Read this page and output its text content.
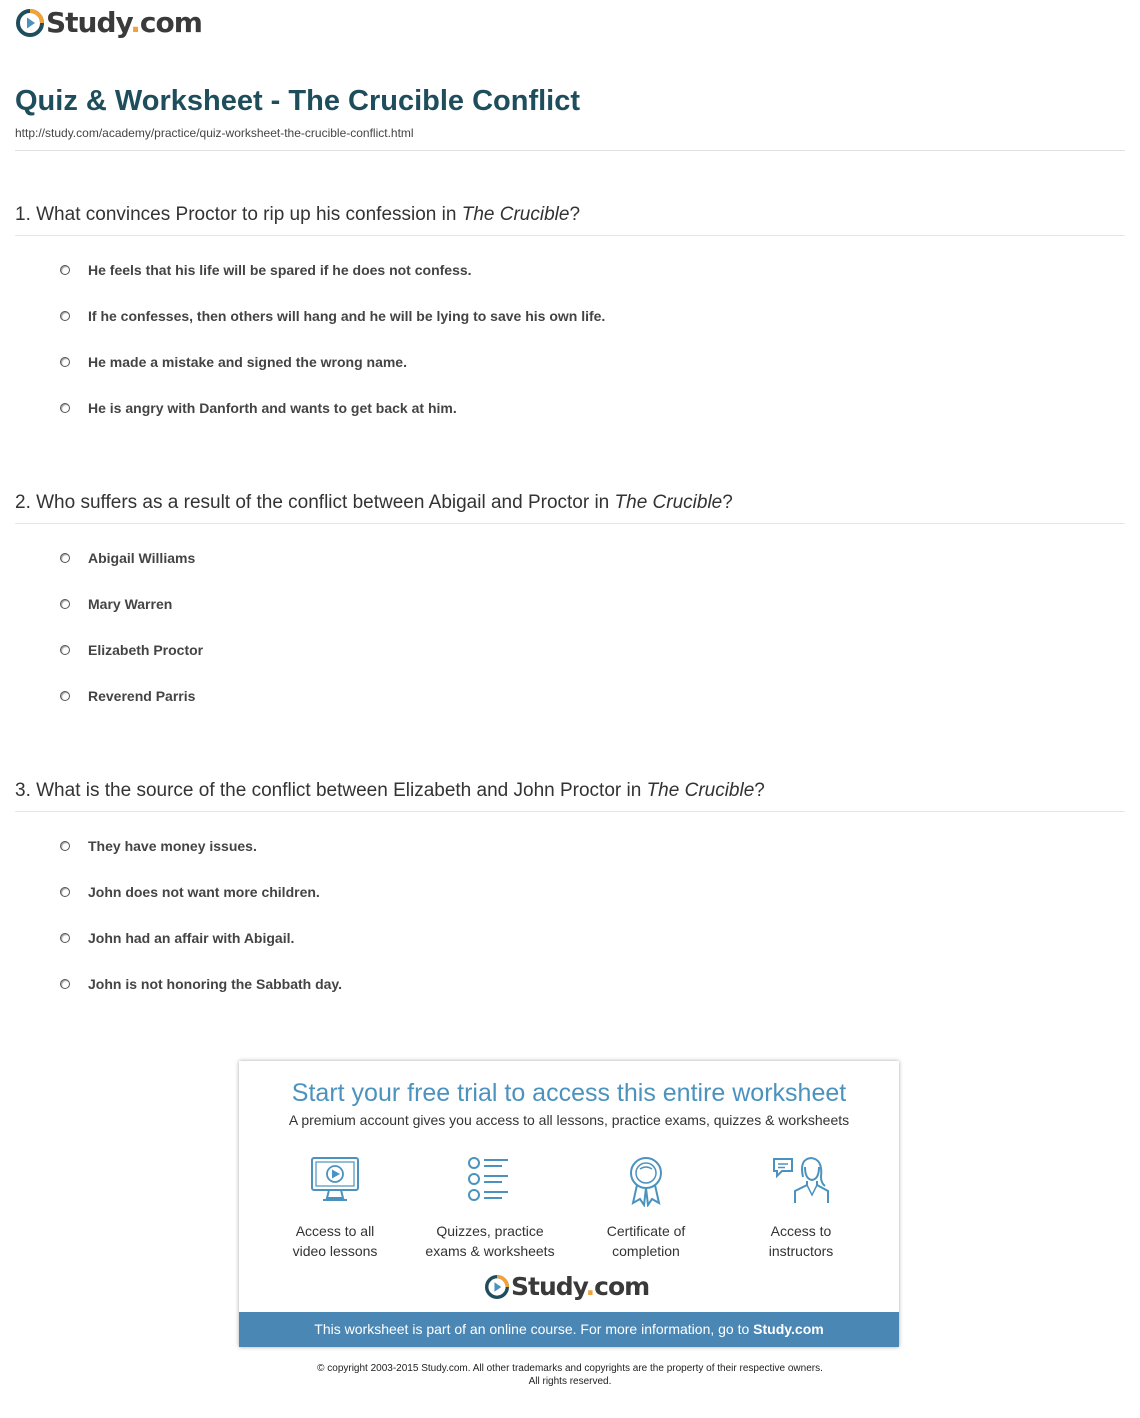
Study.com
Quiz & Worksheet - The Crucible Conflict
http://study.com/academy/practice/quiz-worksheet-the-crucible-conflict.html

1. What convinces Proctor to rip up his confession in The Crucible?

He feels that his life will be spared if he does not confess.
If he confesses, then others will hang and he will be lying to save his own life.
He made a mistake and signed the wrong name.
He is angry with Danforth and wants to get back at him.

2. Who suffers as a result of the conflict between Abigail and Proctor in The Crucible?

Abigail Williams
Mary Warren
Elizabeth Proctor
Reverend Parris

3. What is the source of the conflict between Elizabeth and John Proctor in The Crucible?

They have money issues.
John does not want more children.
John had an affair with Abigail.
John is not honoring the Sabbath day.
Start your free trial to access this entire worksheet
A premium account gives you access to all lessons, practice exams, quizzes & worksheets
Access to all
video lessons
Quizzes, practice
exams & worksheets
Certificate of
completion
Access to
instructors
Study.com
This worksheet is part of an online course. For more information, go to Study.com
© copyright 2003-2015 Study.com. All other trademarks and copyrights are the property of their respective owners.
All rights reserved.
